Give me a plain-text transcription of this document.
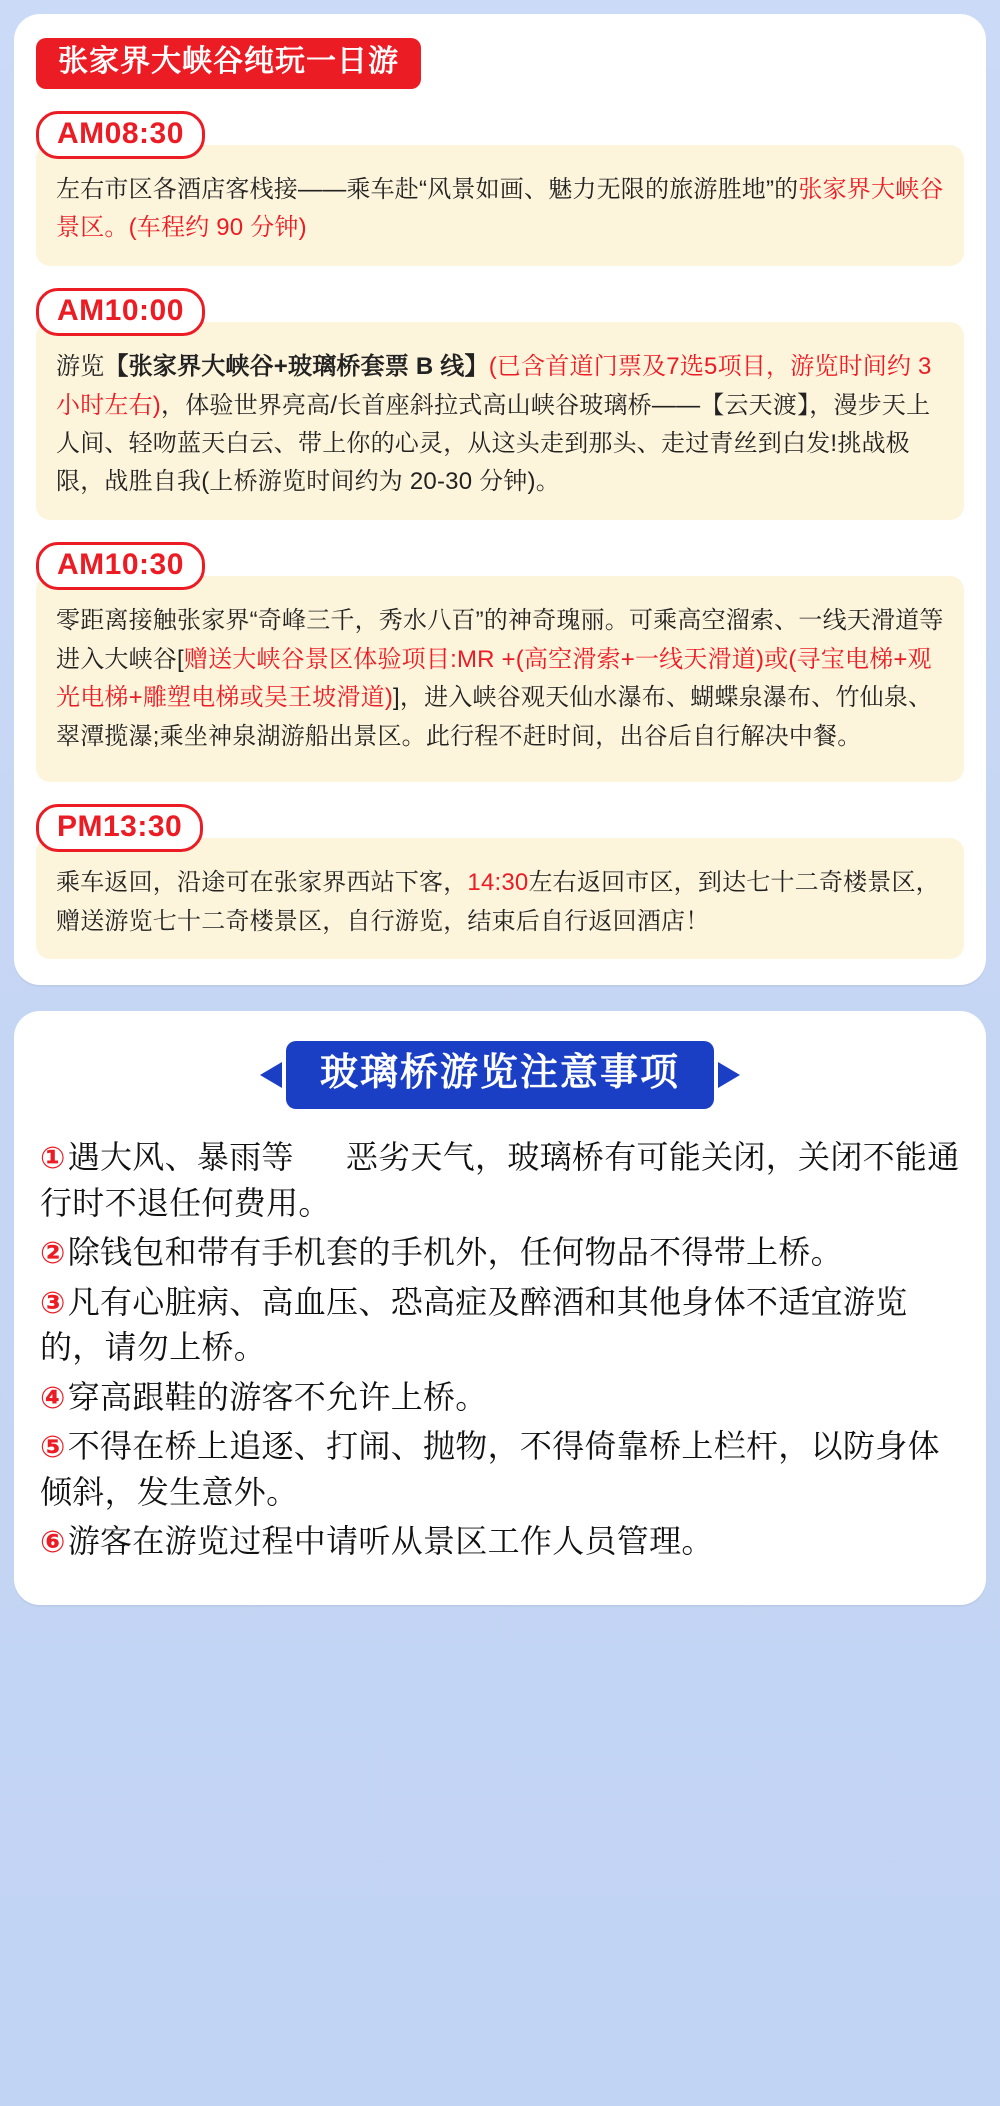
张家界大峡谷纯玩一日游
AM08:30
左右市区各酒店客栈接——乘车赴“风景如画、魅力无限的旅游胜地”的张家界大峡谷景区。(车程约 90 分钟)
AM10:00
游览【张家界大峡谷+玻璃桥套票 B 线】(已含首道门票及7选5项目，游览时间约 3 小时左右)，体验世界亮高/长首座斜拉式高山峡谷玻璃桥——【云天渡】，漫步天上人间、轻吻蓝天白云、带上你的心灵，从这头走到那头、走过青丝到白发!挑战极限，战胜自我(上桥游览时间约为 20-30 分钟)。
AM10:30
零距离接触张家界“奇峰三千，秀水八百”的神奇瑰丽。可乘高空溜索、一线天滑道等进入大峡谷[赠送大峡谷景区体验项目:MR +(高空滑索+一线天滑道)或(寻宝电梯+观光电梯+雕塑电梯或吴王坡滑道)]，进入峡谷观天仙水瀑布、蝴蝶泉瀑布、竹仙泉、翠潭揽瀑;乘坐神泉湖游船出景区。此行程不赶时间，出谷后自行解决中餐。
PM13:30
乘车返回，沿途可在张家界西站下客，14:30左右返回市区，到达七十二奇楼景区，赠送游览七十二奇楼景区，自行游览，结束后自行返回酒店！
玻璃桥游览注意事项

①遇大风、暴雨等 恶劣天气，玻璃桥有可能关闭，关闭不能通行时不退任何费用。

②除钱包和带有手机套的手机外，任何物品不得带上桥。

③凡有心脏病、高血压、恐高症及醉酒和其他身体不适宜游览的，请勿上桥。

④穿高跟鞋的游客不允许上桥。

⑤不得在桥上追逐、打闹、抛物，不得倚靠桥上栏杆，以防身体倾斜，发生意外。

⑥游客在游览过程中请听从景区工作人员管理。
